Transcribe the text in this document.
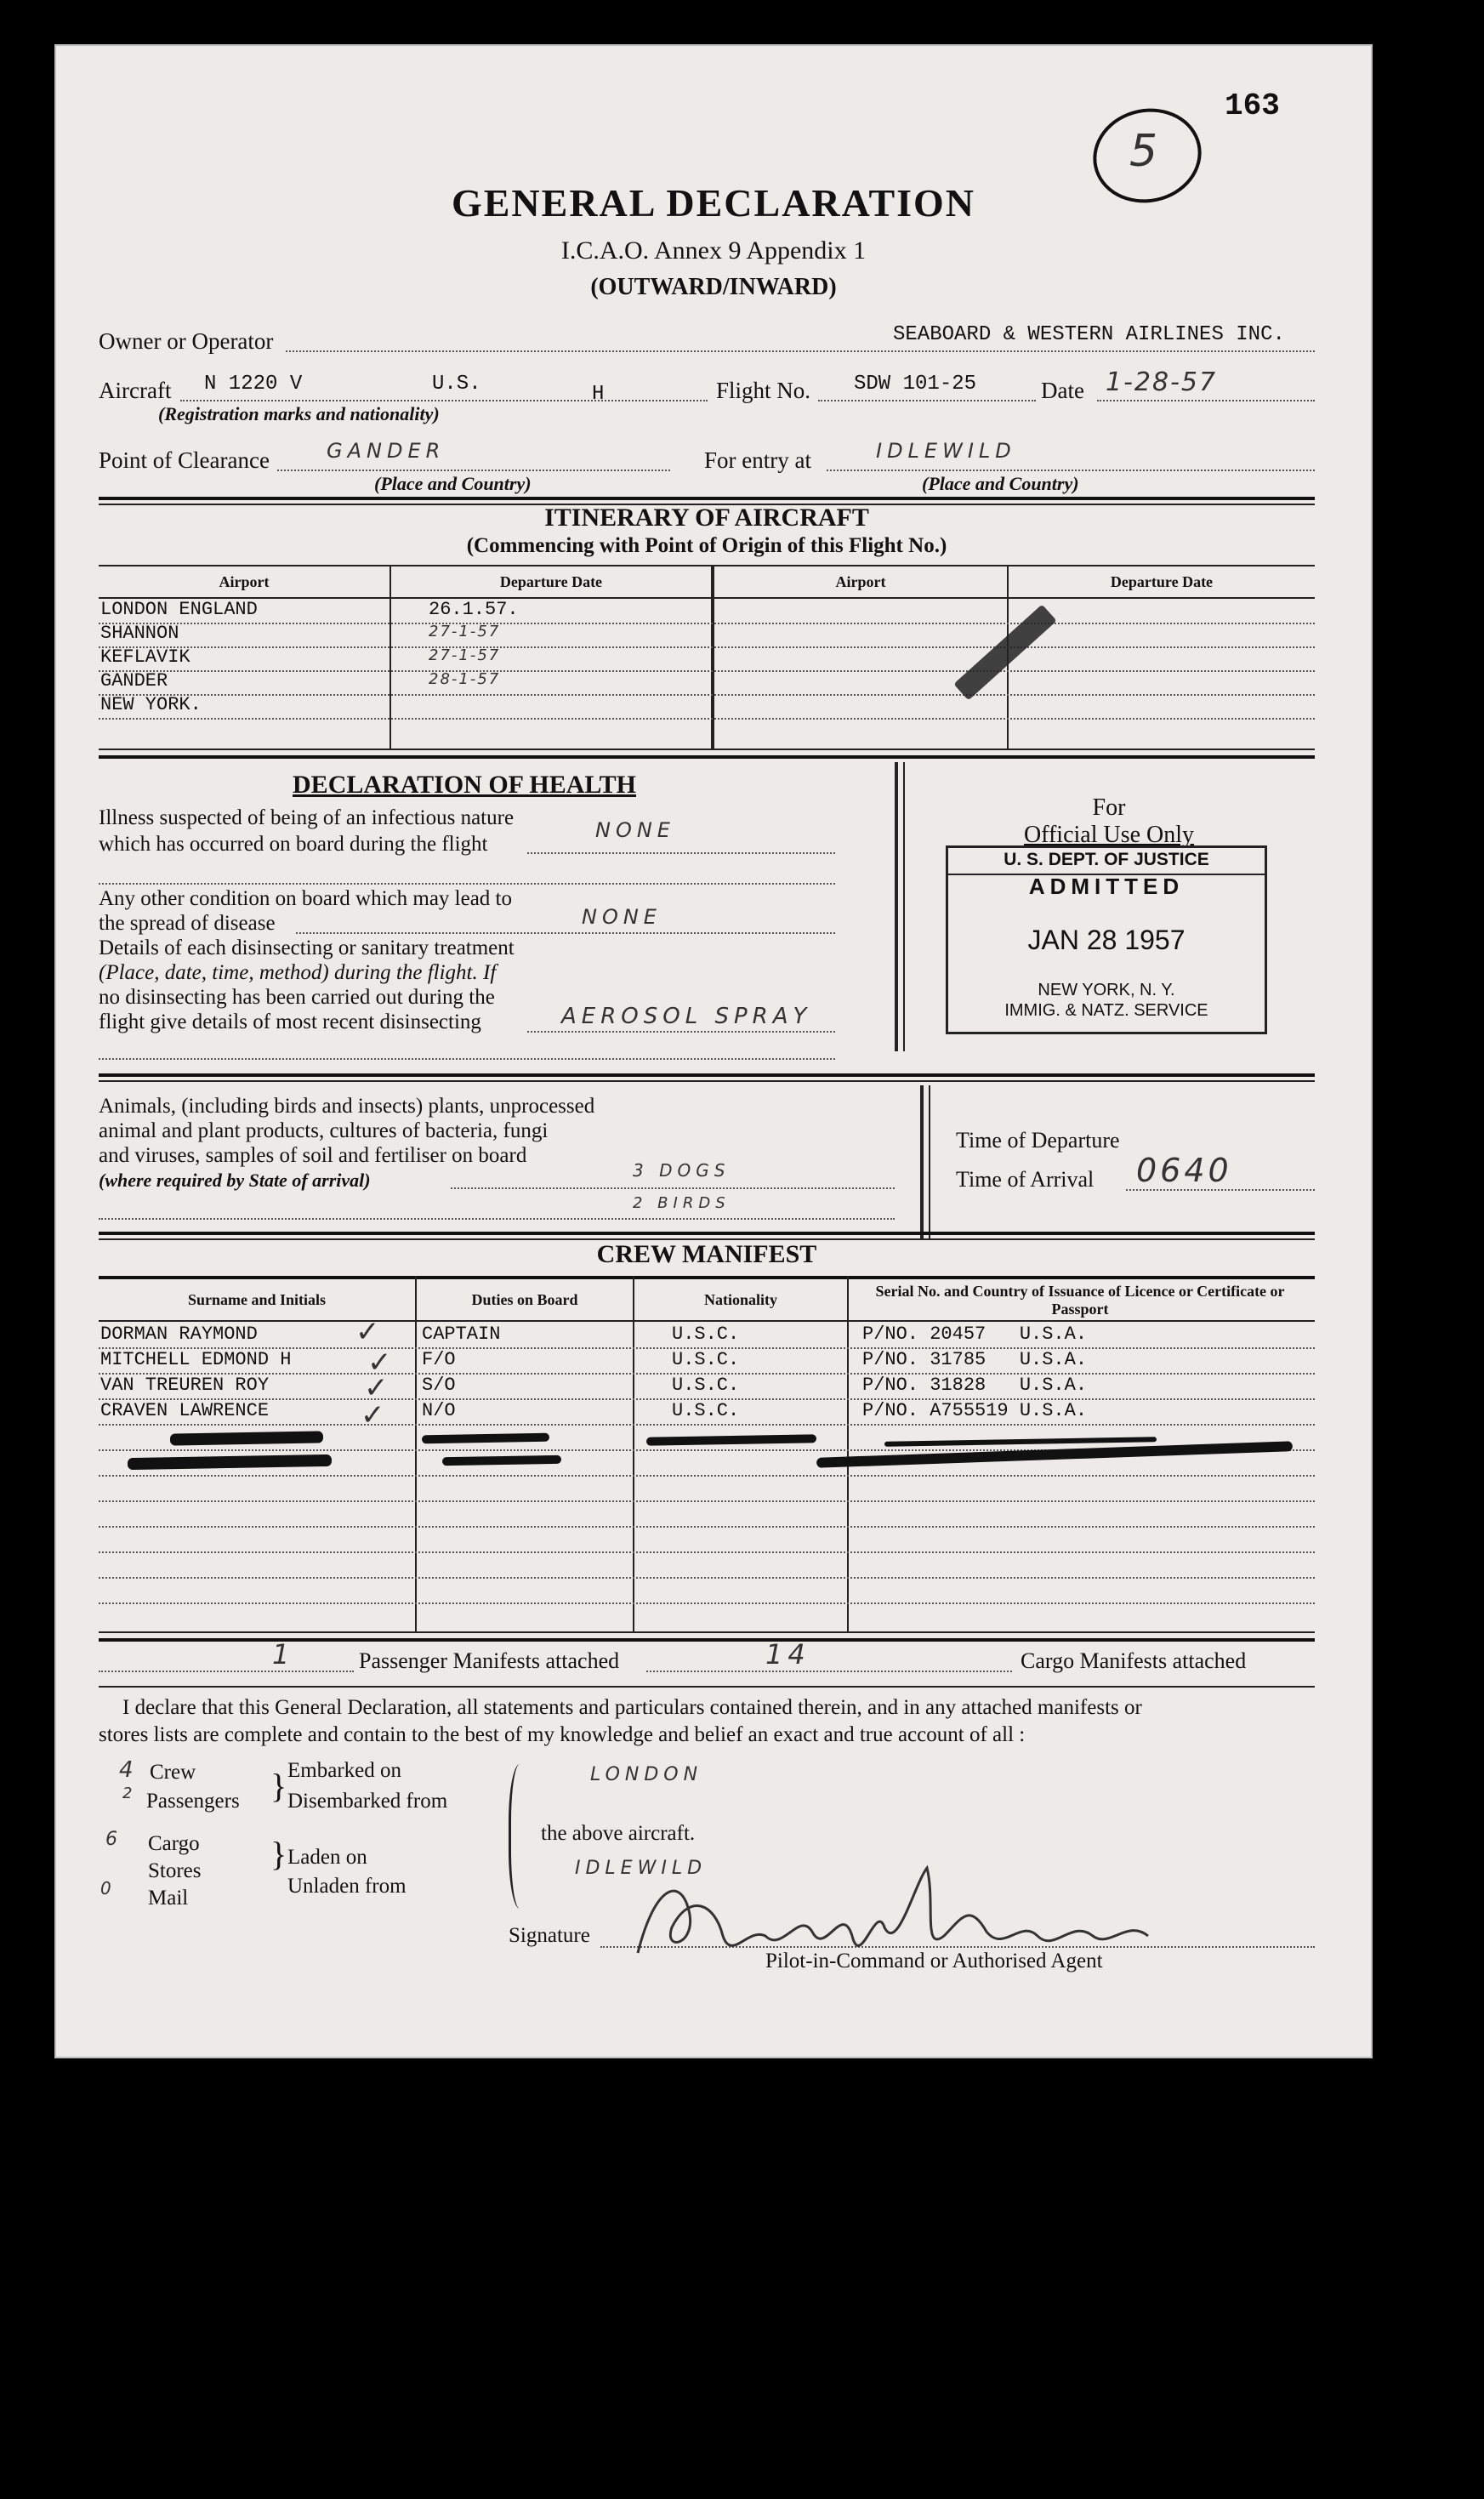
163
5
GENERAL DECLARATION
I.C.A.O. Annex 9 Appendix 1
(OUTWARD/INWARD)
Owner or Operator	SEABOARD & WESTERN AIRLINES INC.
Aircraft N 1220 V	U.S.	H
(Registration marks and nationality)
Flight No. SDW 101-25	Date 1-28-57
Point of Clearance	GANDER
(Place and Country)
For entry at	IDLEWILD
(Place and Country)
ITINERARY OF AIRCRAFT
(Commencing with Point of Origin of this Flight No.)
Airport	Departure Date	Airport	Departure Date
LONDON ENGLAND	26.1.57.
SHANNON	27-1-57
KEFLAVIK	27-1-57
GANDER	28-1-57
NEW YORK.
DECLARATION OF HEALTH
Illness suspected of being of an infectious nature
which has occurred on board during the flight
NONE
Any other condition on board which may lead to
the spread of disease	NONE
Details of each disinsecting or sanitary treatment
(Place, date, time, method) during the flight. If
no disinsecting has been carried out during the
flight give details of most recent disinsecting	AEROSOL SPRAY
For
Official Use Only
U. S. DEPT. OF JUSTICE
ADMITTED
JAN 28 1957
NEW YORK, N. Y.
IMMIG. & NATZ. SERVICE
Animals, (including birds and insects) plants, unprocessed
animal and plant products, cultures of bacteria, fungi
and viruses, samples of soil and fertiliser on board
(where required by State of arrival)	3 DOGS
2 BIRDS
Time of Departure
Time of Arrival 0640
CREW MANIFEST
Surname and Initials	Duties on Board	Nationality	Serial No. and Country of Issuance of Licence or Certificate or Passport
DORMAN RAYMOND	CAPTAIN	U.S.C.	P/NO. 20457   U.S.A.
MITCHELL EDMOND H	F/O	U.S.C.	P/NO. 31785   U.S.A.
VAN TREUREN ROY	S/O	U.S.C.	P/NO. 31828   U.S.A.
CRAVEN LAWRENCE	N/O	U.S.C.	P/NO. A755519 U.S.A.
✓
✓
✓
✓
1	Passenger Manifests attached	14	Cargo Manifests attached
I declare that this General Declaration, all statements and particulars contained therein, and in any attached manifests or
stores lists are complete and contain to the best of my knowledge and belief an exact and true account of all :
4 Crew
2 Passengers } Embarked on
Disembarked from
6 Cargo
Stores
0 Mail
} Laden on
Unladen from
LONDON
the above aircraft.
IDLEWILD
Signature
Pilot-in-Command or Authorised Agent
